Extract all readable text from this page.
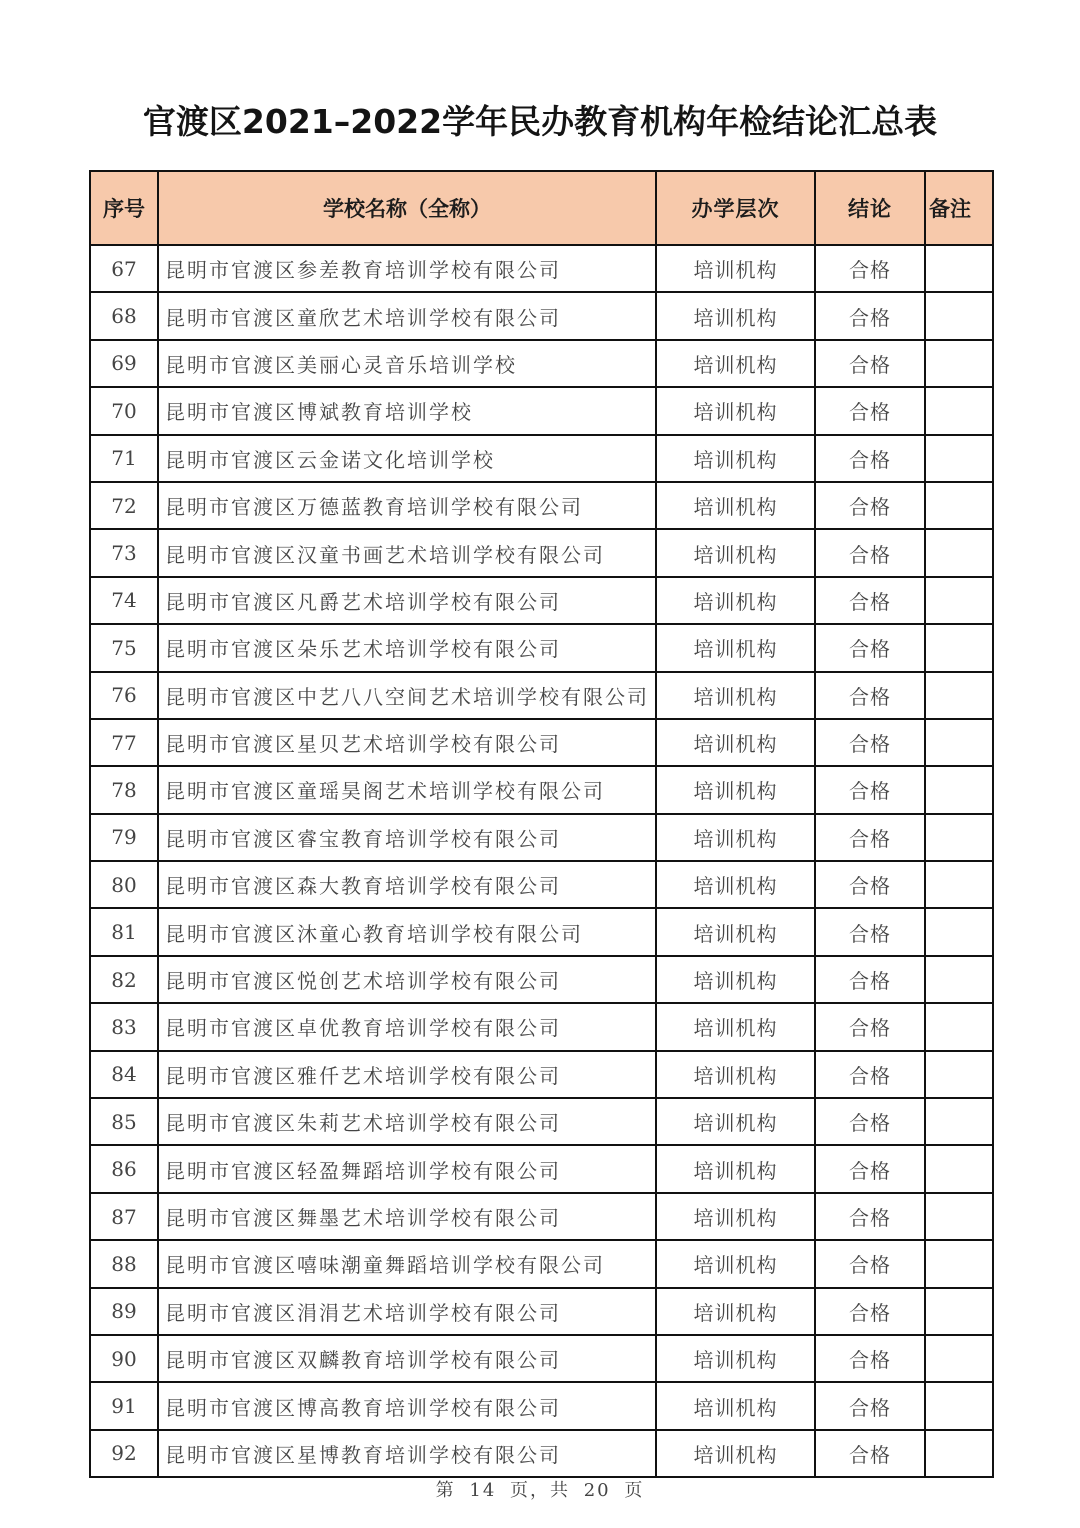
官渡区2021–2022学年民办教育机构年检结论汇总表
序号	学校名称（全称）	办学层次	结论	备注
67	昆明市官渡区参差教育培训学校有限公司	培训机构	合格	
68	昆明市官渡区童欣艺术培训学校有限公司	培训机构	合格	
69	昆明市官渡区美丽心灵音乐培训学校	培训机构	合格	
70	昆明市官渡区博斌教育培训学校	培训机构	合格	
71	昆明市官渡区云金诺文化培训学校	培训机构	合格	
72	昆明市官渡区万德蓝教育培训学校有限公司	培训机构	合格	
73	昆明市官渡区汉童书画艺术培训学校有限公司	培训机构	合格	
74	昆明市官渡区凡爵艺术培训学校有限公司	培训机构	合格	
75	昆明市官渡区朵乐艺术培训学校有限公司	培训机构	合格	
76	昆明市官渡区中艺八八空间艺术培训学校有限公司	培训机构	合格	
77	昆明市官渡区星贝艺术培训学校有限公司	培训机构	合格	
78	昆明市官渡区童瑶昊阁艺术培训学校有限公司	培训机构	合格	
79	昆明市官渡区睿宝教育培训学校有限公司	培训机构	合格	
80	昆明市官渡区森大教育培训学校有限公司	培训机构	合格	
81	昆明市官渡区沐童心教育培训学校有限公司	培训机构	合格	
82	昆明市官渡区悦创艺术培训学校有限公司	培训机构	合格	
83	昆明市官渡区卓优教育培训学校有限公司	培训机构	合格	
84	昆明市官渡区雅仟艺术培训学校有限公司	培训机构	合格	
85	昆明市官渡区朱莉艺术培训学校有限公司	培训机构	合格	
86	昆明市官渡区轻盈舞蹈培训学校有限公司	培训机构	合格	
87	昆明市官渡区舞墨艺术培训学校有限公司	培训机构	合格	
88	昆明市官渡区嘻味潮童舞蹈培训学校有限公司	培训机构	合格	
89	昆明市官渡区涓涓艺术培训学校有限公司	培训机构	合格	
90	昆明市官渡区双麟教育培训学校有限公司	培训机构	合格	
91	昆明市官渡区博高教育培训学校有限公司	培训机构	合格	
92	昆明市官渡区星博教育培训学校有限公司	培训机构	合格	
第 14 页，共 20 页
